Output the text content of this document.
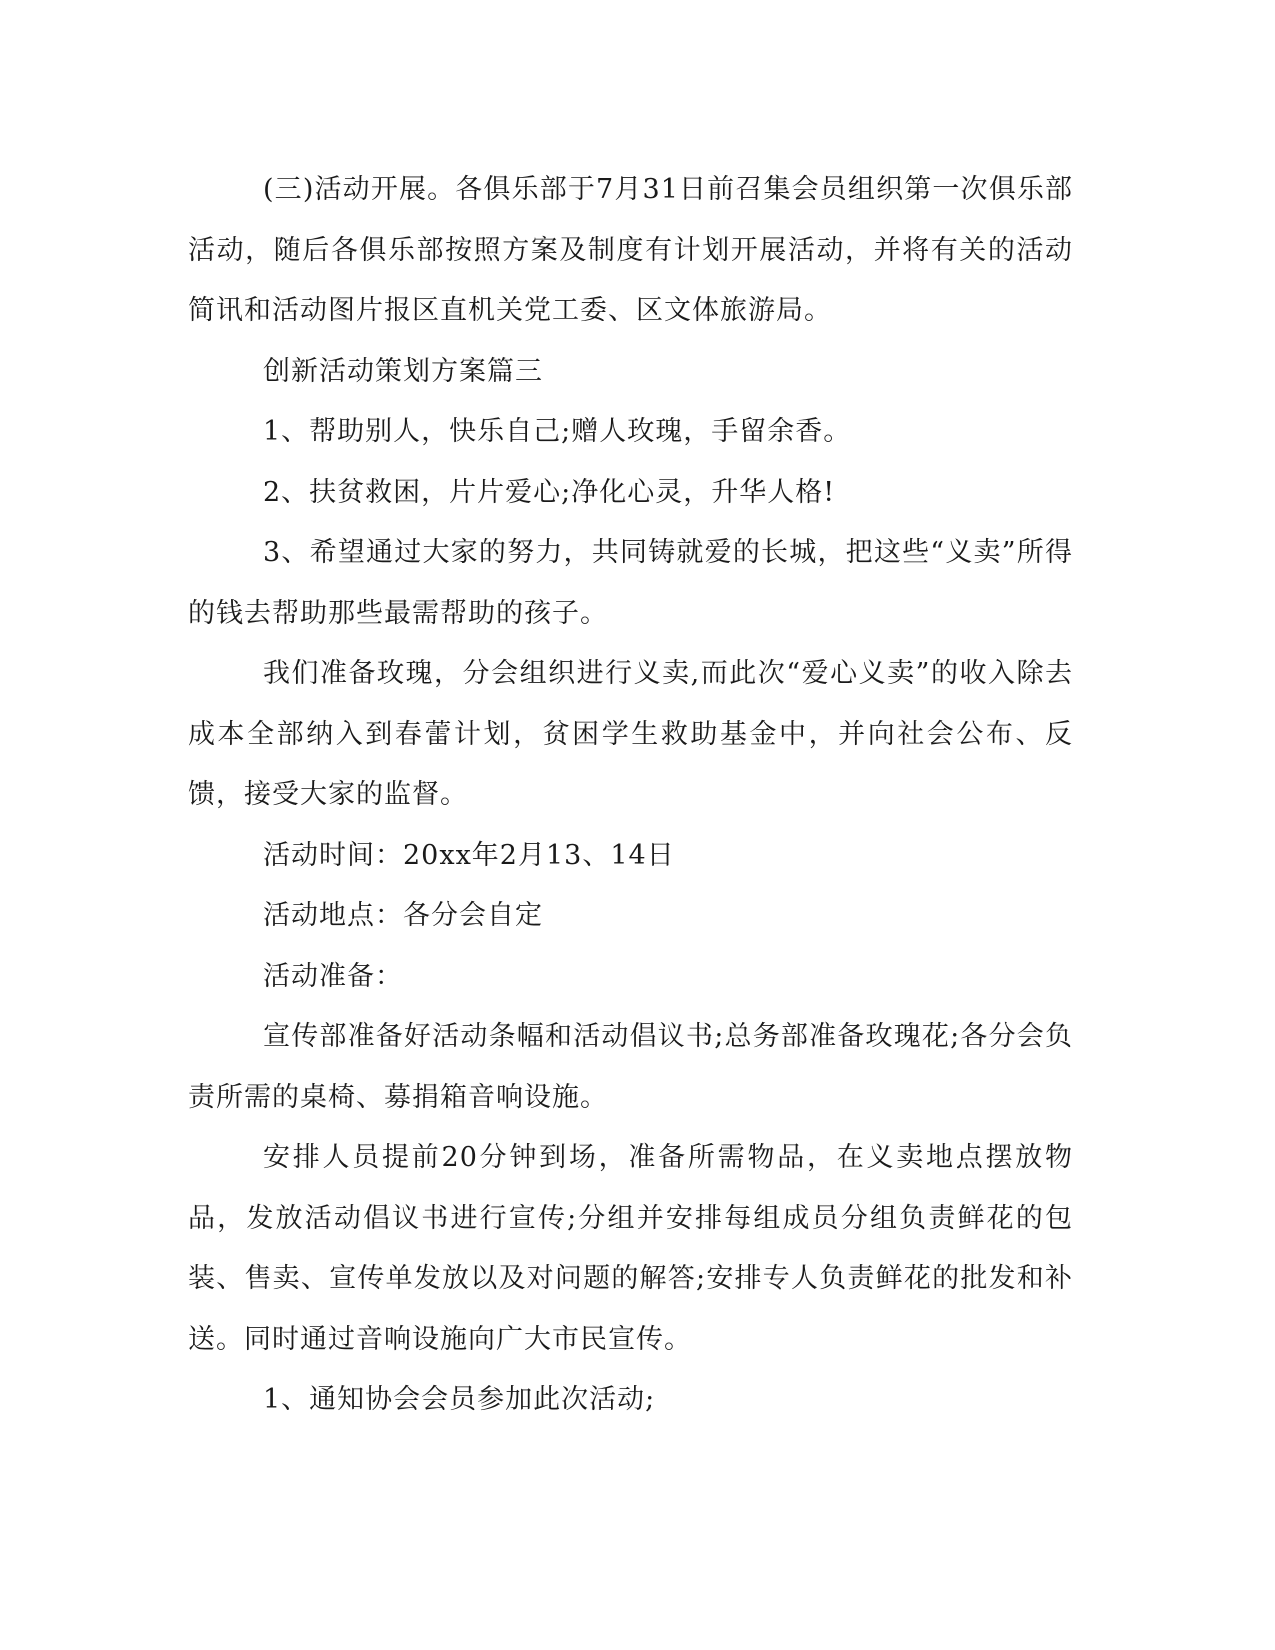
(三)活动开展。各俱乐部于7月31日前召集会员组织第一次俱乐部活动，随后各俱乐部按照方案及制度有计划开展活动，并将有关的活动简讯和活动图片报区直机关党工委、区文体旅游局。

创新活动策划方案篇三

1、帮助别人，快乐自己;赠人玫瑰，手留余香。

2、扶贫救困，片片爱心;净化心灵，升华人格!

3、希望通过大家的努力，共同铸就爱的长城，把这些“义卖”所得的钱去帮助那些最需帮助的孩子。

我们准备玫瑰，分会组织进行义卖,而此次“爱心义卖”的收入除去成本全部纳入到春蕾计划，贫困学生救助基金中，并向社会公布、反馈，接受大家的监督。

活动时间：20xx年2月13、14日

活动地点：各分会自定

活动准备：

宣传部准备好活动条幅和活动倡议书;总务部准备玫瑰花;各分会负责所需的桌椅、募捐箱音响设施。

安排人员提前20分钟到场，准备所需物品，在义卖地点摆放物品，发放活动倡议书进行宣传;分组并安排每组成员分组负责鲜花的包装、售卖、宣传单发放以及对问题的解答;安排专人负责鲜花的批发和补送。同时通过音响设施向广大市民宣传。

1、通知协会会员参加此次活动;
